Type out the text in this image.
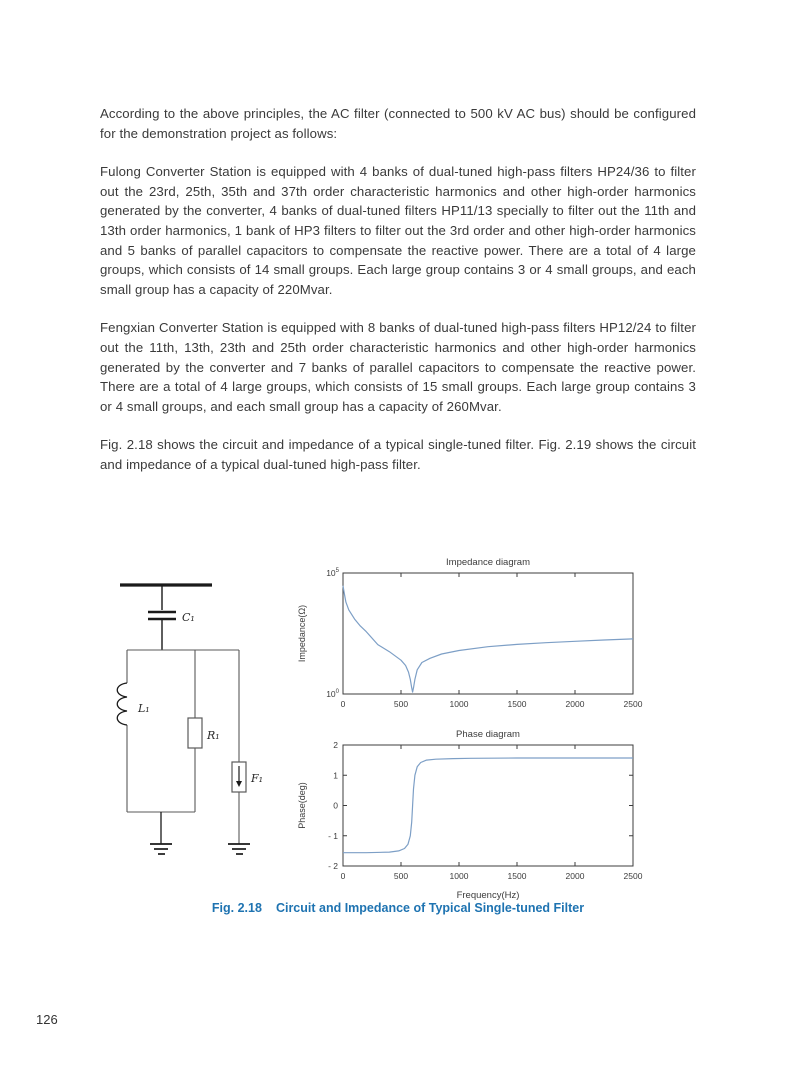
According to the above principles, the AC filter (connected to 500 kV AC bus) should be configured for the demonstration project as follows:

Fulong Converter Station is equipped with 4 banks of dual-tuned high-pass filters HP24/36 to filter out the 23rd, 25th, 35th and 37th order characteristic harmonics and other high-order harmonics generated by the converter, 4 banks of dual-tuned filters HP11/13 specially to filter out the 11th and 13th order harmonics, 1 bank of HP3 filters to filter out the 3rd order and other high-order harmonics and 5 banks of parallel capacitors to compensate the reactive power. There are a total of 4 large groups, which consists of 14 small groups. Each large group contains 3 or 4 small groups, and each small group has a capacity of 220Mvar.

Fengxian Converter Station is equipped with 8 banks of dual-tuned high-pass filters HP12/24 to filter out the 11th, 13th, 23th and 25th order characteristic harmonics and other high-order harmonics generated by the converter and 7 banks of parallel capacitors to compensate the reactive power. There are a total of 4 large groups, which consists of 15 small groups. Each large group contains 3 or 4 small groups, and each small group has a capacity of 260Mvar.

Fig. 2.18 shows the circuit and impedance of a typical single-tuned filter. Fig. 2.19 shows the circuit and impedance of a typical dual-tuned high-pass filter.

C₁
L₁
R₁
F₁
0	500	1000	1500	2000	2500
$10^0$
$10^5$
Impedance diagram
Impedance(Ω)
0	500	1000	1500	2000	2500
- 2
- 1
0
1
2
Phase diagram
Phase(deg)
Frequency(Hz)
Fig. 2.18 Circuit and Impedance of Typical Single-tuned Filter
126
